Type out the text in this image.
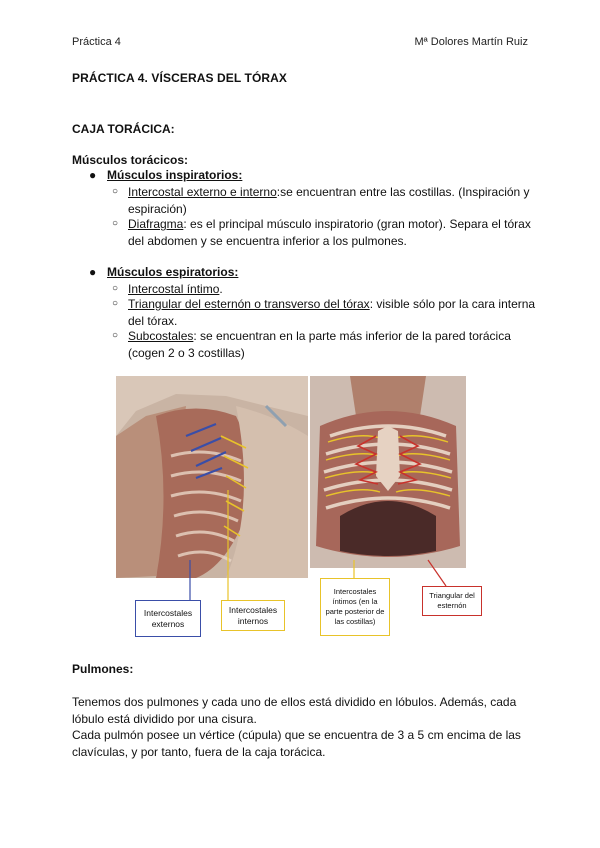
Práctica 4	Mª Dolores Martín Ruiz
PRÁCTICA 4. VÍSCERAS DEL TÓRAX
CAJA TORÁCICA:
Músculos torácicos:
● Músculos inspiratorios:
○ Intercostal externo e interno:se encuentran entre las costillas. (Inspiración y espiración)
○ Diafragma: es el principal músculo inspiratorio (gran motor). Separa el tórax del abdomen y se encuentra inferior a los pulmones.
● Músculos espiratorios:
○ Intercostal íntimo.
○ Triangular del esternón o transverso del tórax: visible sólo por la cara interna del tórax.
○ Subcostales: se encuentran en la parte más inferior de la pared torácica (cogen 2 o 3 costillas)
Intercostales externos
Intercostales internos
Intercostales íntimos (en la parte posterior de las costillas)
Triangular del esternón
Pulmones:
Tenemos dos pulmones y cada uno de ellos está dividido en lóbulos. Además, cada lóbulo está dividido por una cisura.
Cada pulmón posee un vértice (cúpula) que se encuentra de 3 a 5 cm encima de las clavículas, y por tanto, fuera de la caja torácica.
